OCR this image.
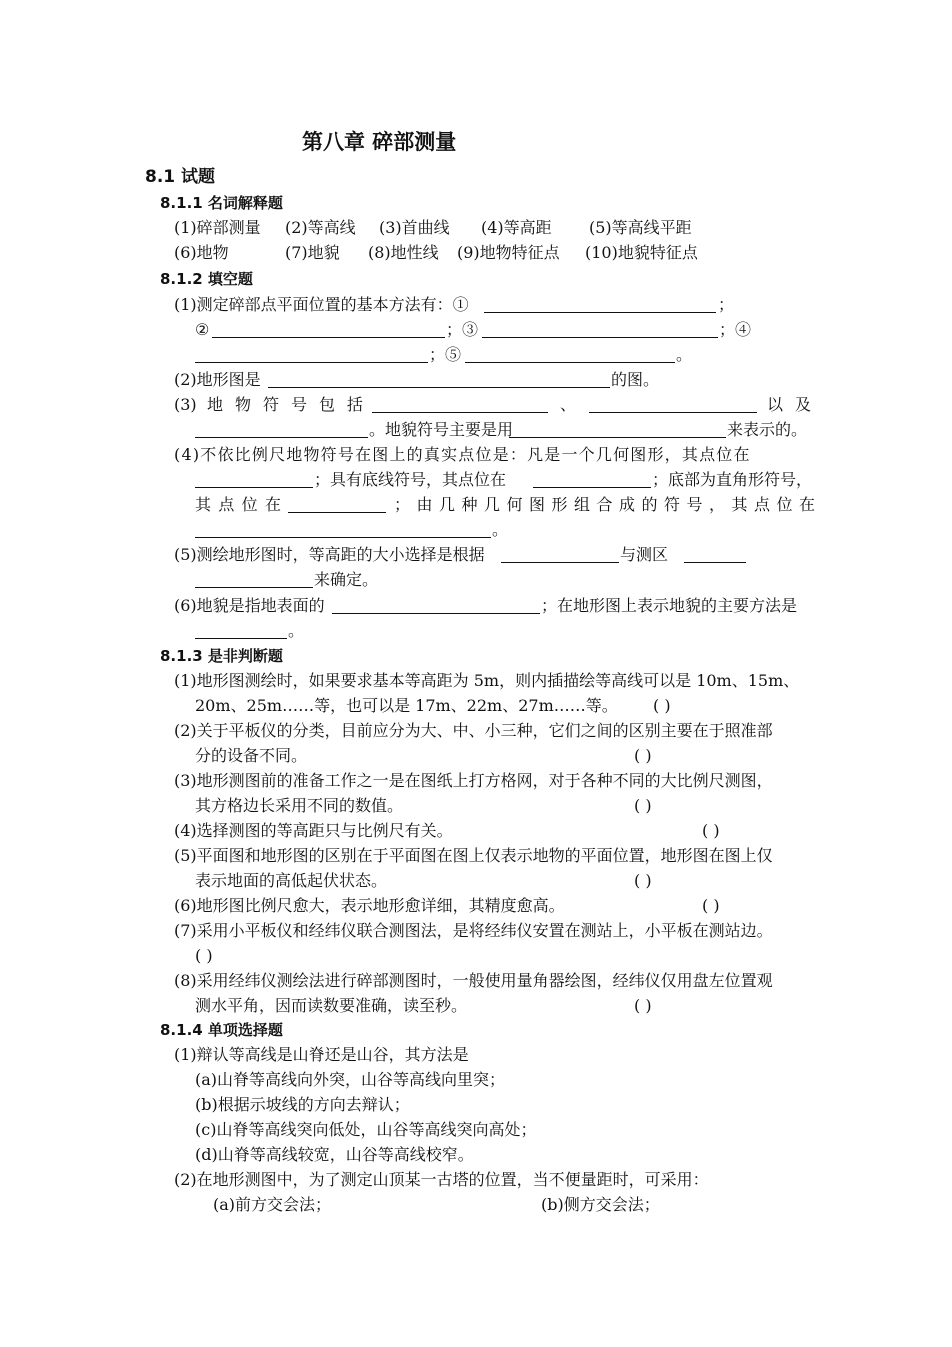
第八章 碎部测量
8.1 试题
8.1.1 名词解释题
(1)碎部测量 (2)等高线 (3)首曲线 (4)等高距 (5)等高线平距
(6)地物	(7)地貌 (8)地性线 (9)地物特征点 (10)地貌特征点
8.1.2 填空题
(1)测定碎部点平面位置的基本方法有：①	；
②	；③	；④
；⑤	。
(2)地形图是	的图。
(3) 地 物 符 号 包 括	、	以 及
。地貌符号主要是用	来表示的。
(4)不依比例尺地物符号在图上的真实点位是：凡是一个几何图形，其点位在
；具有底线符号，其点位在	；底部为直角形符号，
其 点 位 在	；由几种几何图形组合成的符号，其点位在
。
(5)测绘地形图时，等高距的大小选择是根据	与测区
来确定。
(6)地貌是指地表面的	；在地形图上表示地貌的主要方法是
。
8.1.3 是非判断题
(1)地形图测绘时，如果要求基本等高距为 5m，则内插描绘等高线可以是 10m、15m、
20m、25m……等，也可以是 17m、22m、27m……等。 ( )
(2)关于平板仪的分类，目前应分为大、中、小三种，它们之间的区别主要在于照准部
分的设备不同。	( )
(3)地形测图前的准备工作之一是在图纸上打方格网，对于各种不同的大比例尺测图，
其方格边长采用不同的数值。	( )
(4)选择测图的等高距只与比例尺有关。	( )
(5)平面图和地形图的区别在于平面图在图上仅表示地物的平面位置，地形图在图上仅
表示地面的高低起伏状态。	( )
(6)地形图比例尺愈大，表示地形愈详细，其精度愈高。	( )
(7)采用小平板仪和经纬仪联合测图法，是将经纬仪安置在测站上，小平板在测站边。
( )
(8)采用经纬仪测绘法进行碎部测图时，一般使用量角器绘图，经纬仪仅用盘左位置观
测水平角，因而读数要准确，读至秒。	( )
8.1.4 单项选择题
(1)辩认等高线是山脊还是山谷，其方法是
(a)山脊等高线向外突，山谷等高线向里突；
(b)根据示坡线的方向去辩认；
(c)山脊等高线突向低处，山谷等高线突向高处；
(d)山脊等高线较宽，山谷等高线校窄。
(2)在地形测图中，为了测定山顶某一古塔的位置，当不便量距时，可采用：
(a)前方交会法；	(b)侧方交会法；
